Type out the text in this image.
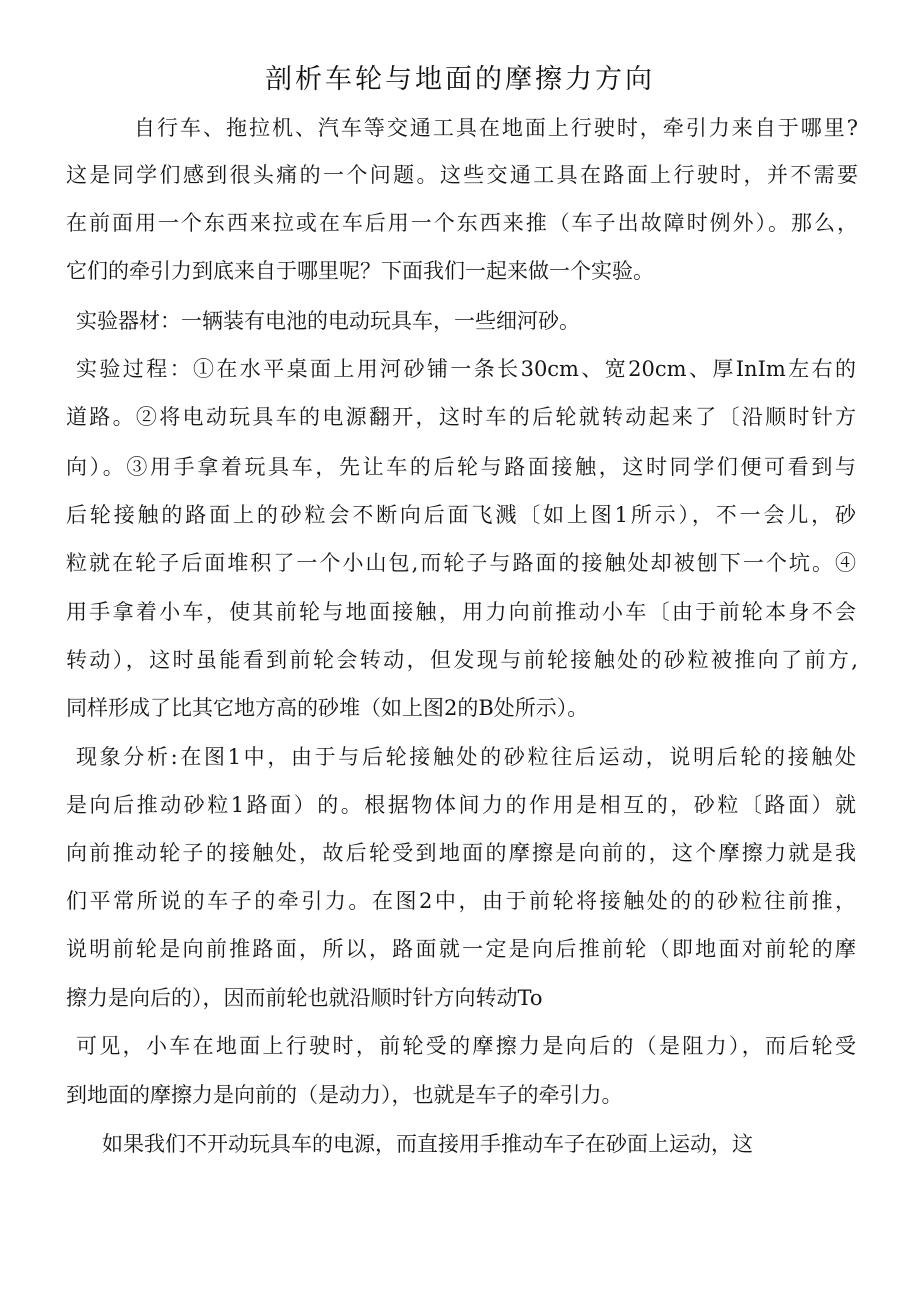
剖析车轮与地面的摩擦力方向

自行车、拖拉机、汽车等交通工具在地面上行驶时，牵引力来自于哪里?

这是同学们感到很头痛的一个问题。这些交通工具在路面上行驶时，并不需要

在前面用一个东西来拉或在车后用一个东西来推（车子出故障时例外）。那么，

它们的牵引力到底来自于哪里呢？下面我们一起来做一个实验。

实验器材：一辆装有电池的电动玩具车，一些细河砂。

实验过程：①在水平桌面上用河砂铺一条长30cm、宽20cm、厚InIm左右的

道路。②将电动玩具车的电源翻开，这时车的后轮就转动起来了〔沿顺时针方

向）。③用手拿着玩具车，先让车的后轮与路面接触，这时同学们便可看到与

后轮接触的路面上的砂粒会不断向后面飞溅〔如上图1所示），不一会儿，砂

粒就在轮子后面堆积了一个小山包,而轮子与路面的接触处却被刨下一个坑。④

用手拿着小车，使其前轮与地面接触，用力向前推动小车〔由于前轮本身不会

转动），这时虽能看到前轮会转动，但发现与前轮接触处的砂粒被推向了前方,

同样形成了比其它地方高的砂堆（如上图2的B处所示）。

现象分析:在图1中，由于与后轮接触处的砂粒往后运动，说明后轮的接触处

是向后推动砂粒1路面）的。根据物体间力的作用是相互的，砂粒〔路面）就

向前推动轮子的接触处，故后轮受到地面的摩擦是向前的，这个摩擦力就是我

们平常所说的车子的牵引力。在图2中，由于前轮将接触处的的砂粒往前推，

说明前轮是向前推路面，所以，路面就一定是向后推前轮（即地面对前轮的摩

擦力是向后的），因而前轮也就沿顺时针方向转动To

可见，小车在地面上行驶时，前轮受的摩擦力是向后的（是阻力），而后轮受

到地面的摩擦力是向前的（是动力），也就是车子的牵引力。

如果我们不开动玩具车的电源，而直接用手推动车子在砂面上运动，这
